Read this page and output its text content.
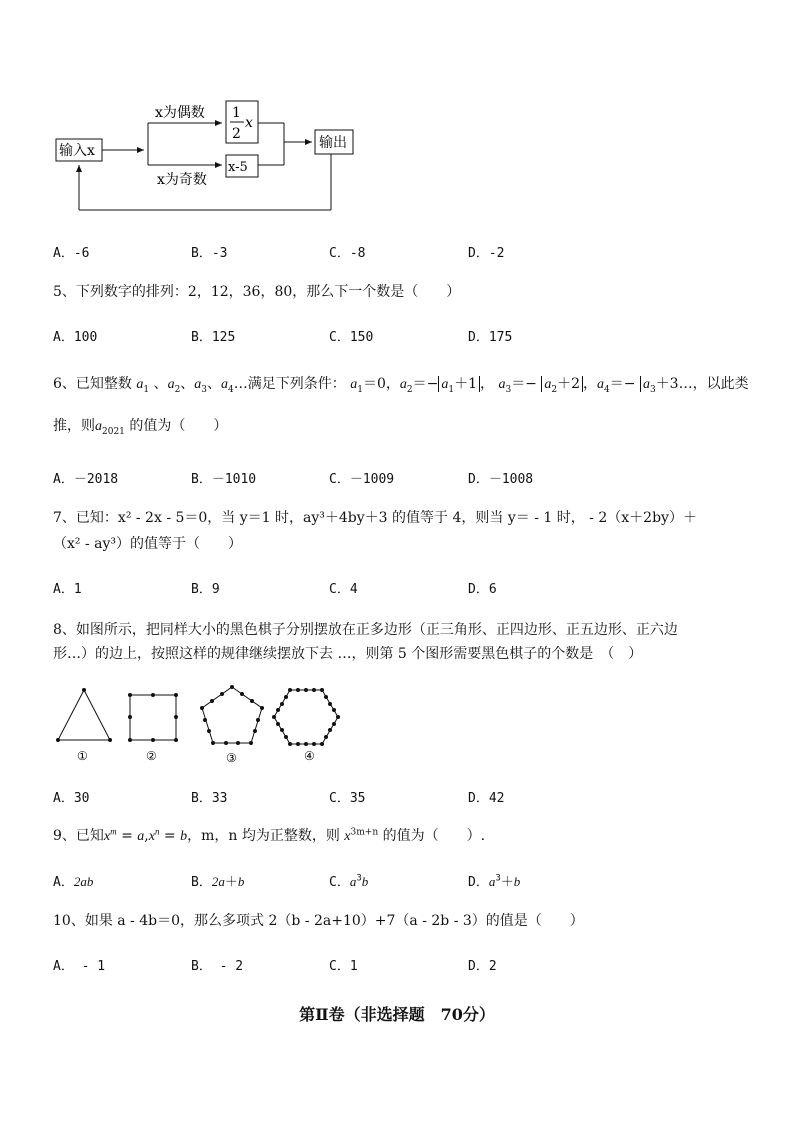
输入x
x为偶数
x为奇数
1
2
x
x-5
输出
A．-6	B．-3	C．-8	D．-2
5、下列数字的排列：2，12，36，80，那么下一个数是（　　）
A．100	B．125	C．150	D．175
6、已知整数 $a_1$ 、$a_2$、$a_3$、$a_4\dots$满足下列条件： $a_1=0$，$a_2=- a_1+1$ ， $a_3=- a_2+2$ ，$a_4=-$ $a_3+3\dots$，以此类
推，则$a_{2021}$ 的值为（　　）
A．－2018	B．－1010	C．－1009	D．－1008
7、已知：x² - 2x - 5＝0，当 y＝1 时，ay³＋4by＋3 的值等于 4，则当 y＝ - 1 时， - 2（x＋2by）＋
（x² - ay³）的值等于（　　）
A．1	B．9	C．4	D．6
8、如图所示，把同样大小的黑色棋子分别摆放在正多边形（正三角形、正四边形、正五边形、正六边
形…）的边上，按照这样的规律继续摆放下去 …，则第 5 个图形需要黑色棋子的个数是　（　）
①	②	③	④
A．30	B．33	C．35	D．42
9、已知$x^m = a,x^n = b$，m，n 均为正整数，则 $x^{3m+n}$ 的值为（　　）.
A．2ab	B．2a＋b	C．$a^3b$	D．$a^3+b$
10、如果 a - 4b＝0，那么多项式 2（b - 2a+10）+7（a - 2b - 3）的值是（　　）
A． - 1	B． - 2	C．1	D．2
第Ⅱ卷（非选择题　70分）
